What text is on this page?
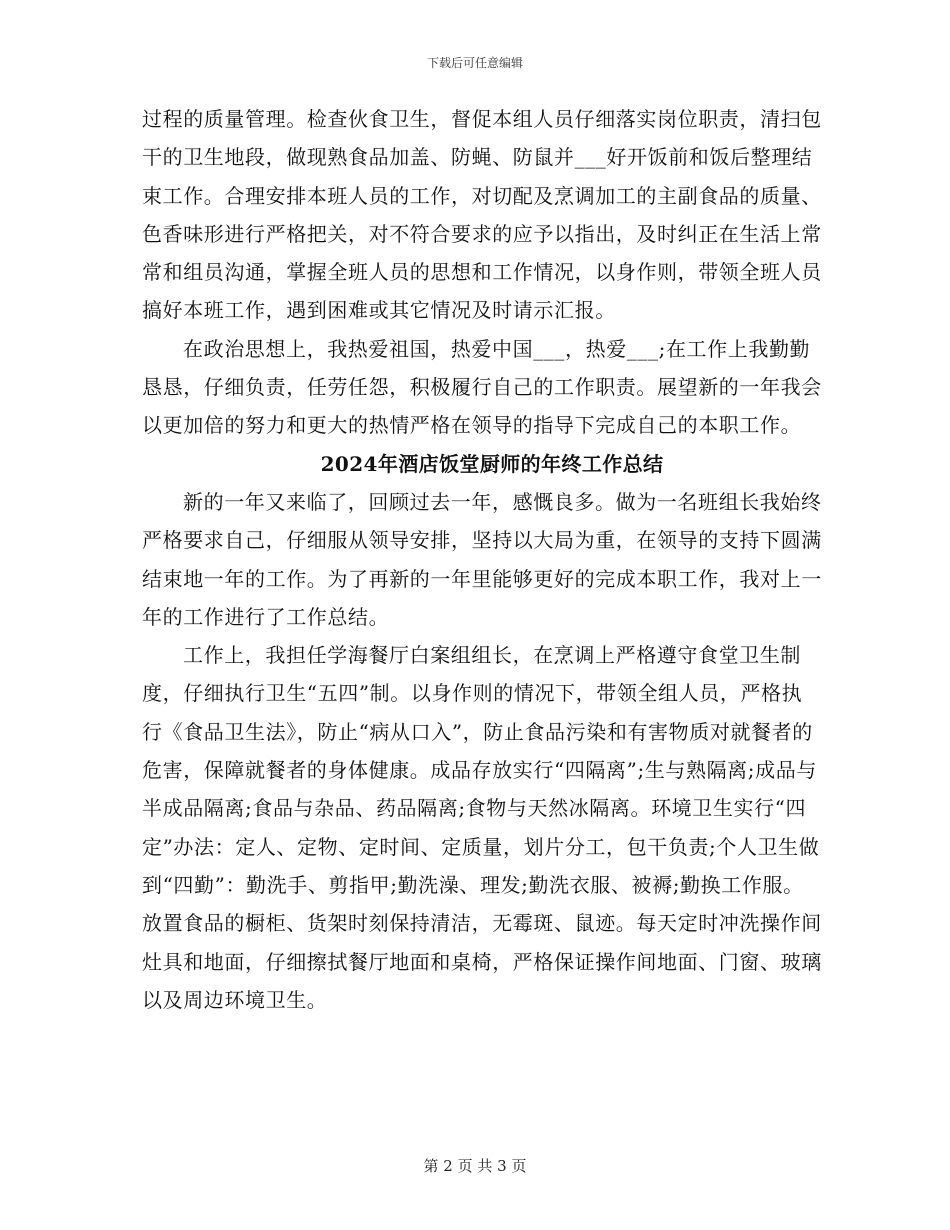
下载后可任意编辑

过程的质量管理。检查伙食卫生，督促本组人员仔细落实岗位职责，清扫包干的卫生地段，做现熟食品加盖、防蝇、防鼠并___好开饭前和饭后整理结束工作。合理安排本班人员的工作，对切配及烹调加工的主副食品的质量、色香味形进行严格把关，对不符合要求的应予以指出，及时纠正在生活上常常和组员沟通，掌握全班人员的思想和工作情况，以身作则，带领全班人员搞好本班工作，遇到困难或其它情况及时请示汇报。

在政治思想上，我热爱祖国，热爱中国___，热爱___;在工作上我勤勤恳恳，仔细负责，任劳任怨，积极履行自己的工作职责。展望新的一年我会以更加倍的努力和更大的热情严格在领导的指导下完成自己的本职工作。

2024年酒店饭堂厨师的年终工作总结

新的一年又来临了，回顾过去一年，感慨良多。做为一名班组长我始终严格要求自己，仔细服从领导安排，坚持以大局为重，在领导的支持下圆满结束地一年的工作。为了再新的一年里能够更好的完成本职工作，我对上一年的工作进行了工作总结。

工作上，我担任学海餐厅白案组组长，在烹调上严格遵守食堂卫生制度，仔细执行卫生“五四”制。以身作则的情况下，带领全组人员，严格执行《食品卫生法》，防止“病从口入”，防止食品污染和有害物质对就餐者的危害，保障就餐者的身体健康。成品存放实行“四隔离”;生与熟隔离;成品与半成品隔离;食品与杂品、药品隔离;食物与天然冰隔离。环境卫生实行“四定”办法：定人、定物、定时间、定质量，划片分工，包干负责;个人卫生做到“四勤”：勤洗手、剪指甲;勤洗澡、理发;勤洗衣服、被褥;勤换工作服。放置食品的橱柜、货架时刻保持清洁，无霉斑、鼠迹。每天定时冲洗操作间灶具和地面，仔细擦拭餐厅地面和桌椅，严格保证操作间地面、门窗、玻璃以及周边环境卫生。

第 2 页 共 3 页
